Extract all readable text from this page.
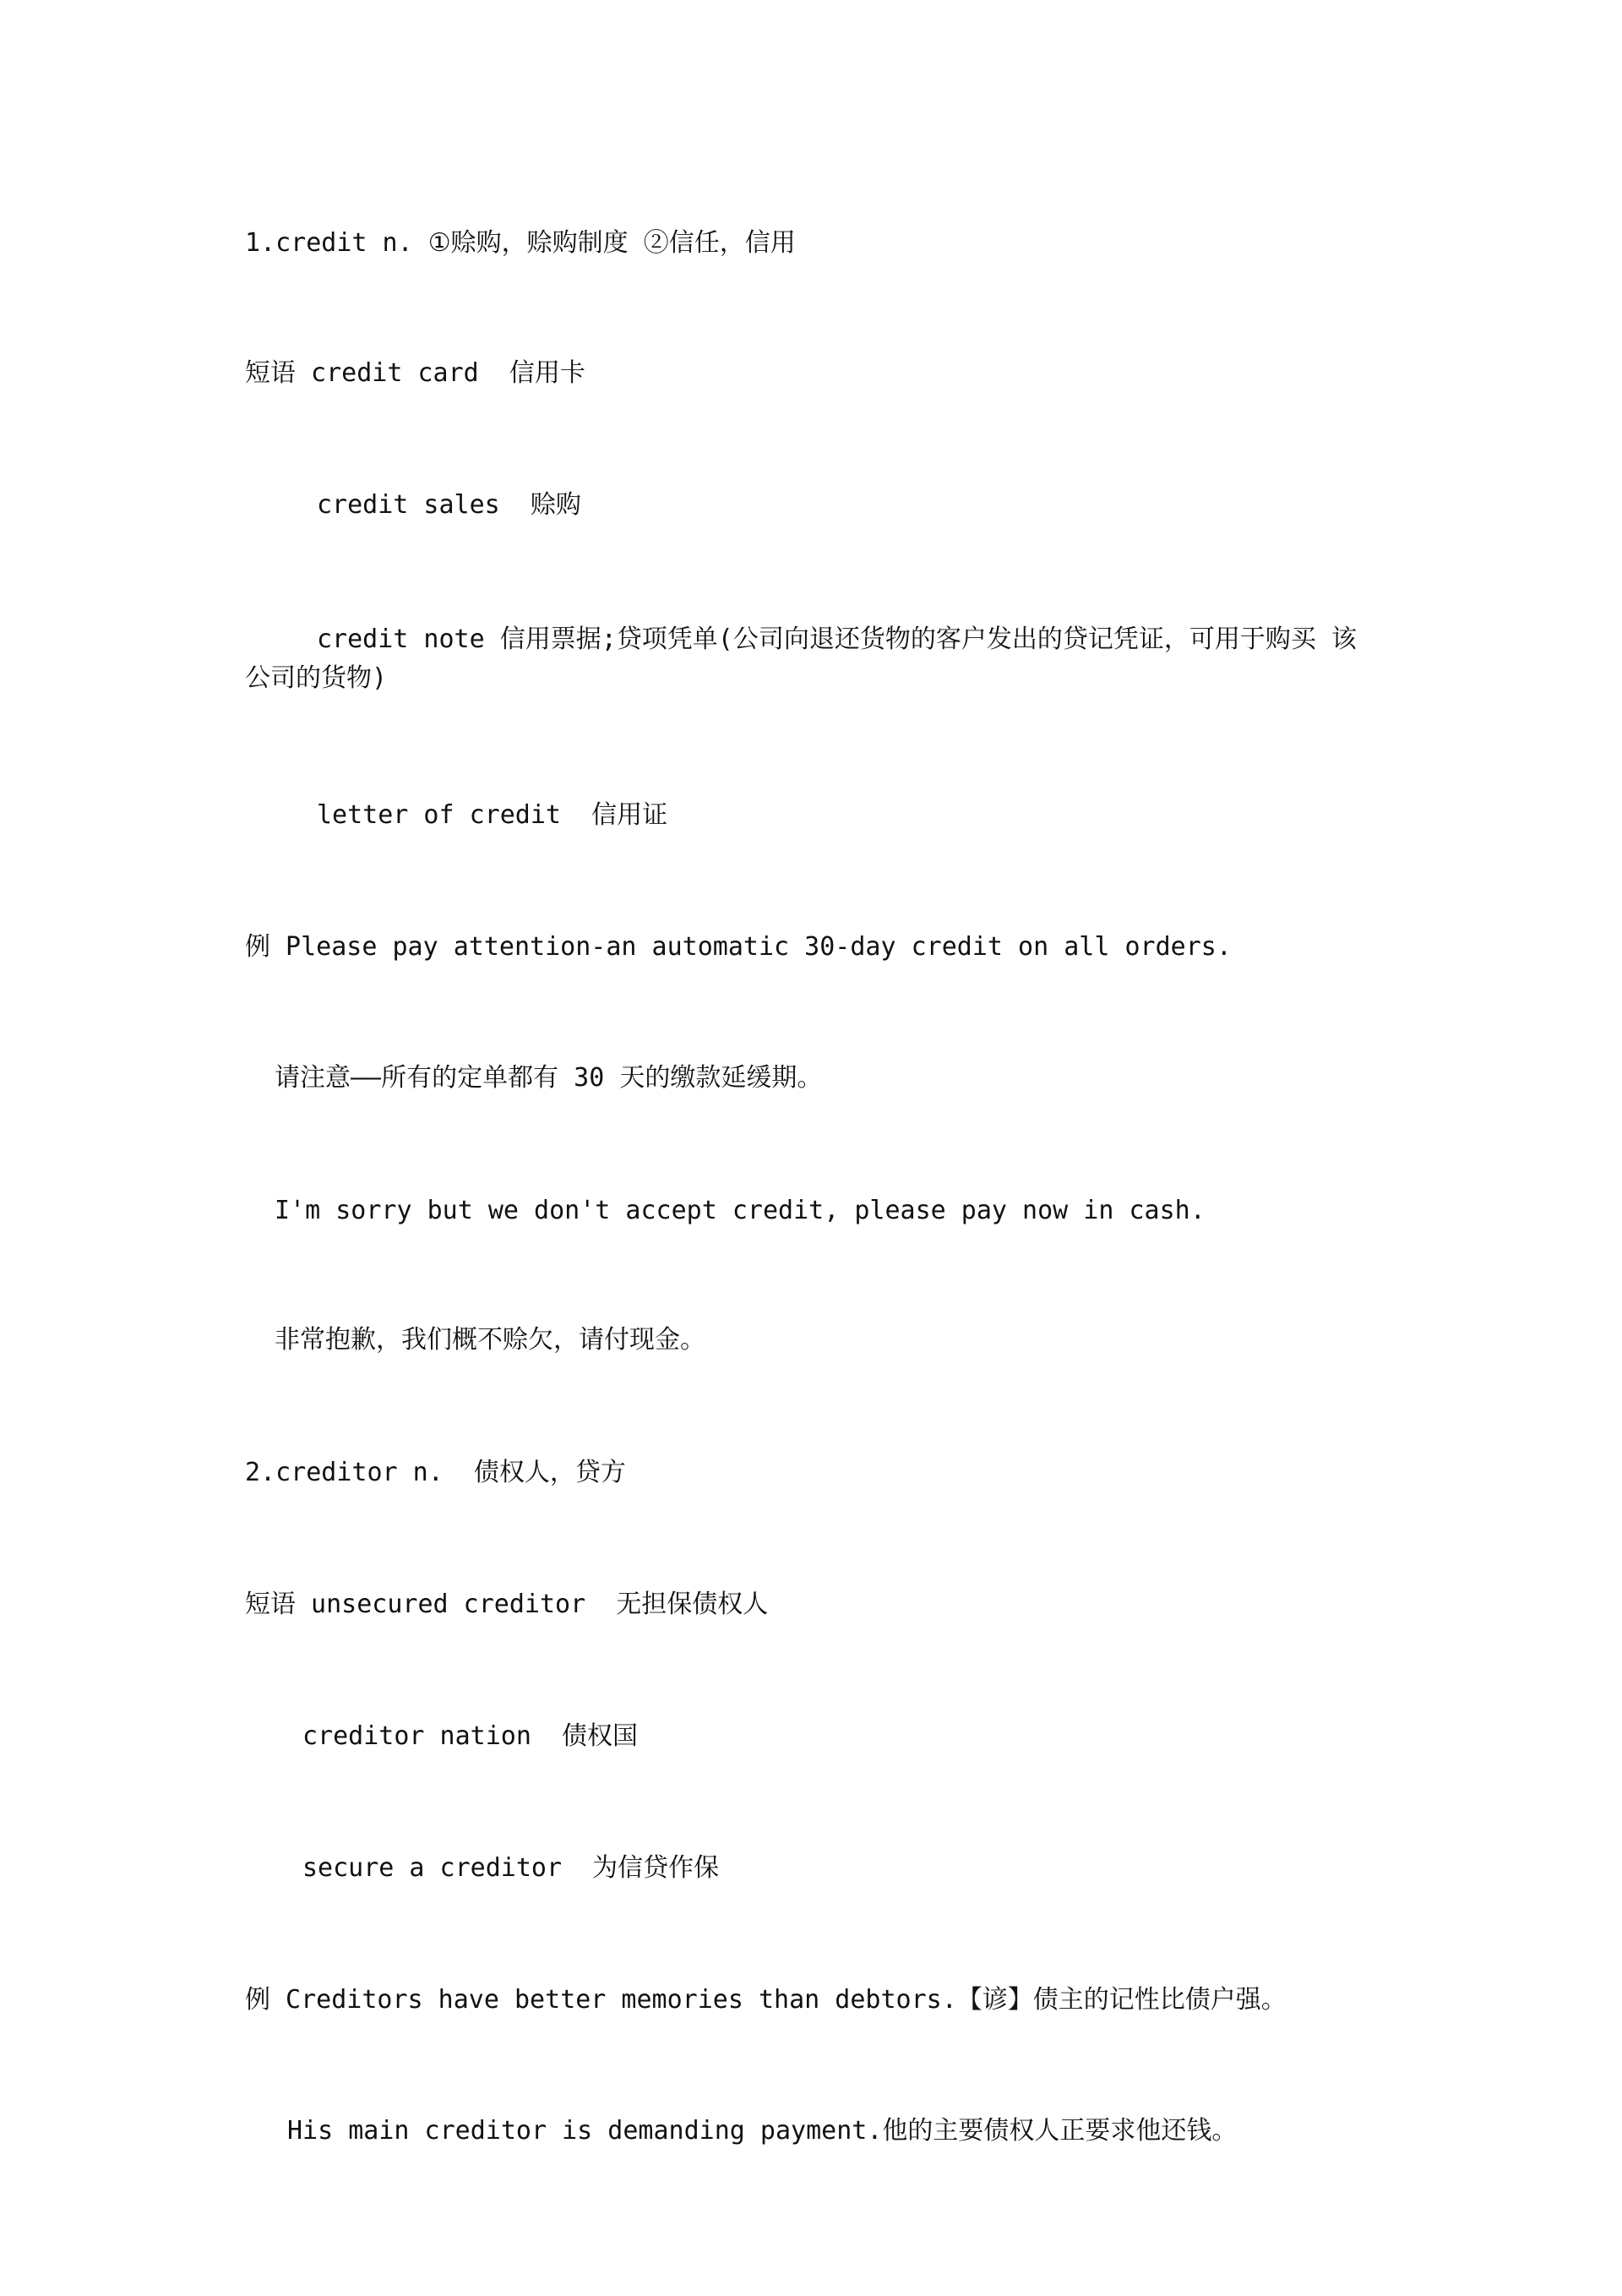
1.credit n. ①赊购，赊购制度 ②信任，信用
短语 credit card  信用卡
credit sales  赊购
credit note 信用票据;贷项凭单(公司向退还货物的客户发出的贷记凭证，可用于购买 该 公司的货物)
letter of credit  信用证
例 Please pay attention-an automatic 30-day credit on all orders.
请注意——所有的定单都有 30 天的缴款延缓期。
I'm sorry but we don't accept credit, please pay now in cash.
非常抱歉，我们概不赊欠，请付现金。
2.creditor n.  债权人，贷方
短语 unsecured creditor  无担保债权人
creditor nation  债权国
secure a creditor  为信贷作保
例 Creditors have better memories than debtors.【谚】债主的记性比债户强。
His main creditor is demanding payment.他的主要债权人正要求他还钱。
